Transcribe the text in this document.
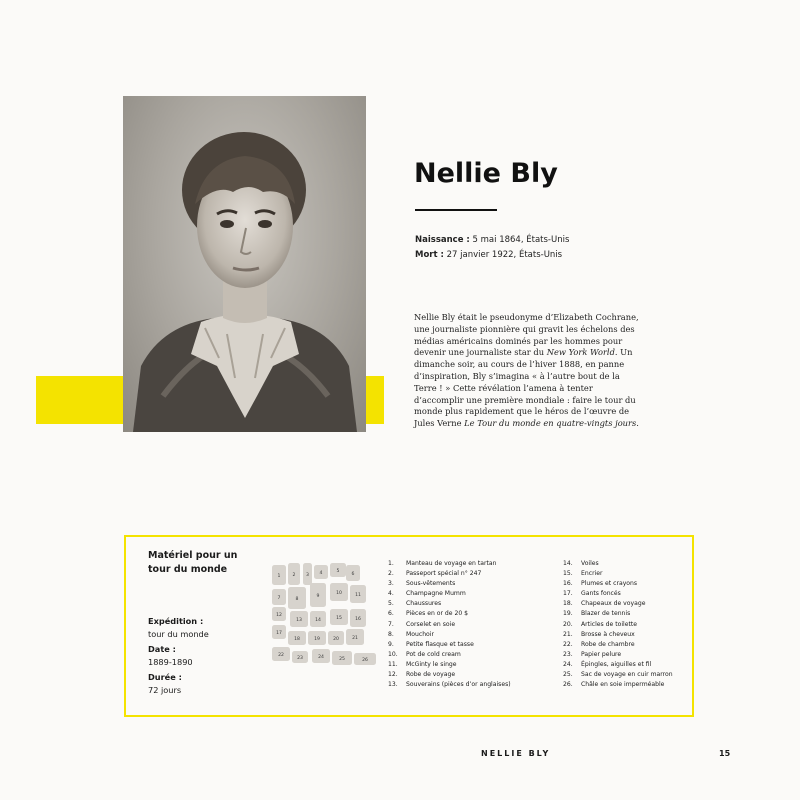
Nellie Bly
Naissance : 5 mai 1864, États-Unis
Mort : 27 janvier 1922, États-Unis

Nellie Bly était le pseudonyme d’Elizabeth Cochrane, une journaliste pionnière qui gravit les échelons des médias américains dominés par les hommes pour devenir une journaliste star du New York World. Un dimanche soir, au cours de l’hiver 1888, en panne d’inspiration, Bly s’imagina « à l’autre bout de la Terre ! » Cette révélation l’amena à tenter d’accomplir une première mondiale : faire le tour du monde plus rapidement que le héros de l’œuvre de Jules Verne Le Tour du monde en quatre-vingts jours.

Matériel pour un tour du monde
Expédition :
tour du monde
Date :
1889-1890
Durée :
72 jours
1	2 3 4	5
6
7	8
9
10	11
12
13	14	15	16
17
18	19	20	21
22
23	24	25	26
1. Manteau de voyage en tartan
2. Passeport spécial n° 247
3. Sous-vêtements
4. Champagne Mumm
5. Chaussures
6. Pièces en or de 20 $
7. Corselet en soie
8. Mouchoir
9. Petite flasque et tasse
10. Pot de cold cream
11. McGinty le singe
12. Robe de voyage
13. Souverains (pièces d’or anglaises)
14. Voiles
15. Encrier
16. Plumes et crayons
17. Gants foncés
18. Chapeaux de voyage
19. Blazer de tennis
20. Articles de toilette
21. Brosse à cheveux
22. Robe de chambre
23. Papier pelure
24. Épingles, aiguilles et fil
25. Sac de voyage en cuir marron
26. Châle en soie imperméable
NELLIE BLY	15
